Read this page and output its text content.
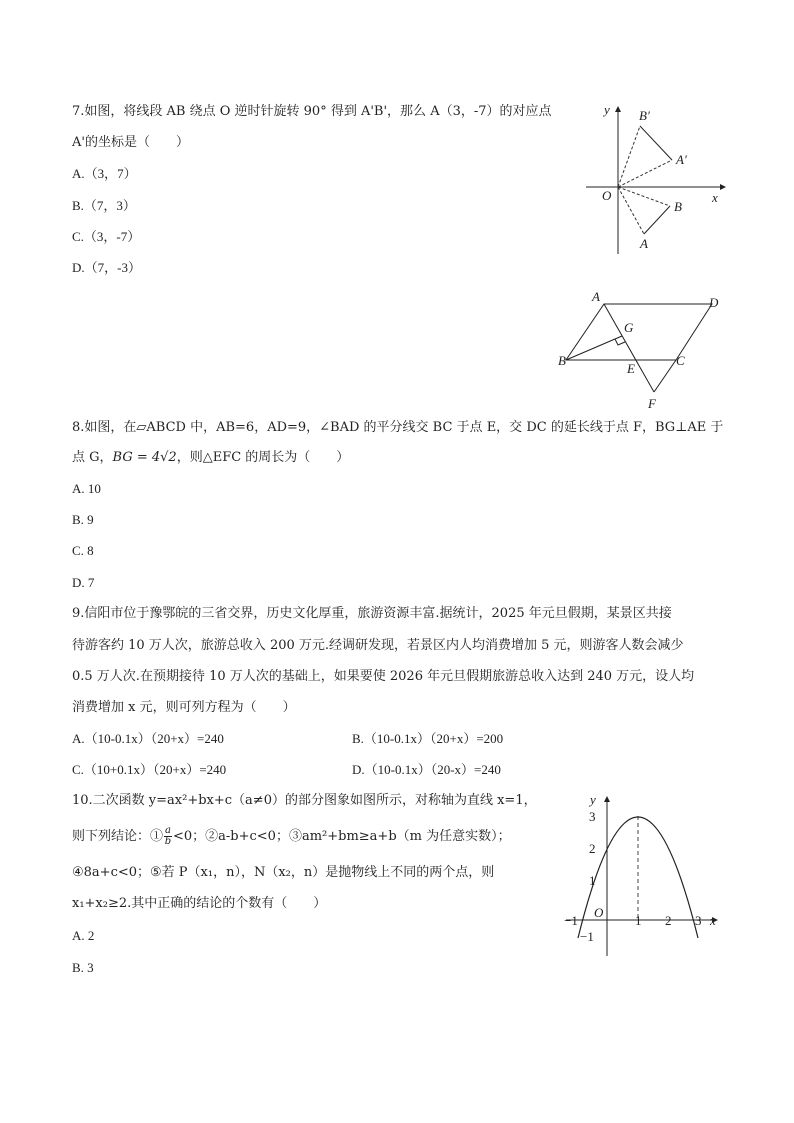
7.如图，将线段 AB 绕点 O 逆时针旋转 90° 得到 A'B'，那么 A（3，-7）的对应点
A'的坐标是（　　）
A.（3，7）
B.（7，3）
C.（3，-7）
D.（7，-3）
y
x
O
B′
A′
B
A
A	D
G
B
E
C
F
8.如图，在▱ABCD 中，AB=6，AD=9，∠BAD 的平分线交 BC 于点 E，交 DC 的延长线于点 F，BG⊥AE 于
点 G，BG = 4√2，则△EFC 的周长为（　　）
A. 10
B. 9
C. 8
D. 7
9.信阳市位于豫鄂皖的三省交界，历史文化厚重，旅游资源丰富.据统计，2025 年元旦假期，某景区共接
待游客约 10 万人次，旅游总收入 200 万元.经调研发现，若景区内人均消费增加 5 元，则游客人数会减少
0.5 万人次.在预期接待 10 万人次的基础上，如果要使 2026 年元旦假期旅游总收入达到 240 万元，设人均
消费增加 x 元，则可列方程为（　　）
A.（10-0.1x）（20+x）=240	B.（10-0.1x）（20+x）=200
C.（10+0.1x）（20+x）=240	D.（10-0.1x）（20-x）=240
10.二次函数 y=ax²+bx+c（a≠0）的部分图象如图所示，对称轴为直线 x=1，
则下列结论：① $\frac{a}{b} <0$；②a-b+c<0；③am²+bm≥a+b（m 为任意实数）；
④8a+c<0；⑤若 P（x₁，n），N（x₂，n）是抛物线上不同的两个点，则
x₁+x₂≥2.其中正确的结论的个数有（　　）
A. 2
B. 3
y
x
O
3
2
1
−1
−1	1 2 3
